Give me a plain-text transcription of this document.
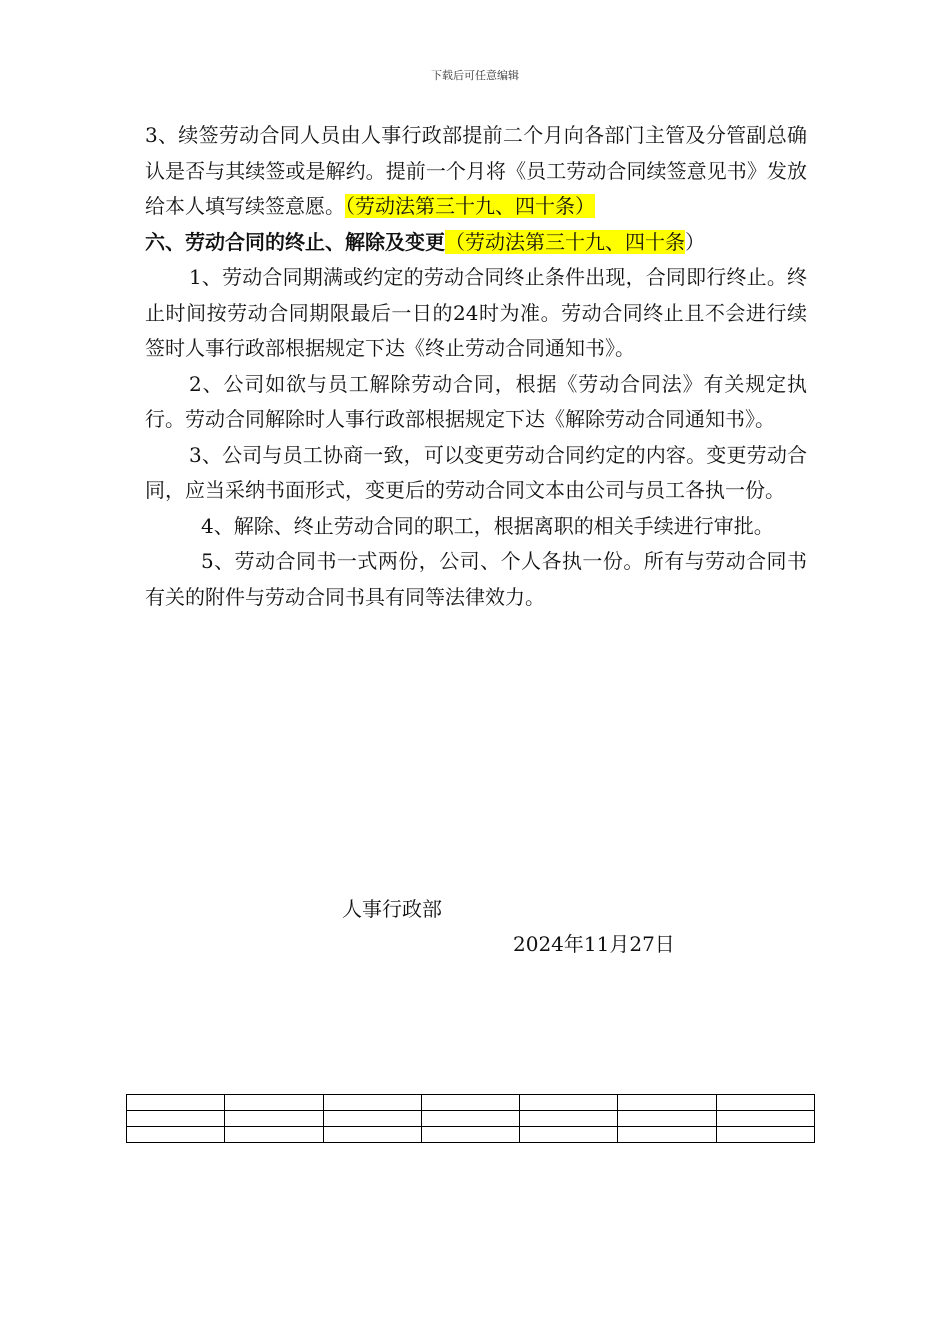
下载后可任意编辑

3、续签劳动合同人员由人事行政部提前二个月向各部门主管及分管副总确认是否与其续签或是解约。提前一个月将《员工劳动合同续签意见书》发放给本人填写续签意愿。（劳动法第三十九、四十条）

六、劳动合同的终止、解除及变更（劳动法第三十九、四十条）

1、劳动合同期满或约定的劳动合同终止条件出现，合同即行终止。终止时间按劳动合同期限最后一日的24时为准。劳动合同终止且不会进行续签时人事行政部根据规定下达《终止劳动合同通知书》。

2、公司如欲与员工解除劳动合同，根据《劳动合同法》有关规定执行。劳动合同解除时人事行政部根据规定下达《解除劳动合同通知书》。

3、公司与员工协商一致，可以变更劳动合同约定的内容。变更劳动合同，应当采纳书面形式，变更后的劳动合同文本由公司与员工各执一份。

4、解除、终止劳动合同的职工，根据离职的相关手续进行审批。

5、劳动合同书一式两份，公司、个人各执一份。所有与劳动合同书有关的附件与劳动合同书具有同等法律效力。

人事行政部
2024年11月27日
